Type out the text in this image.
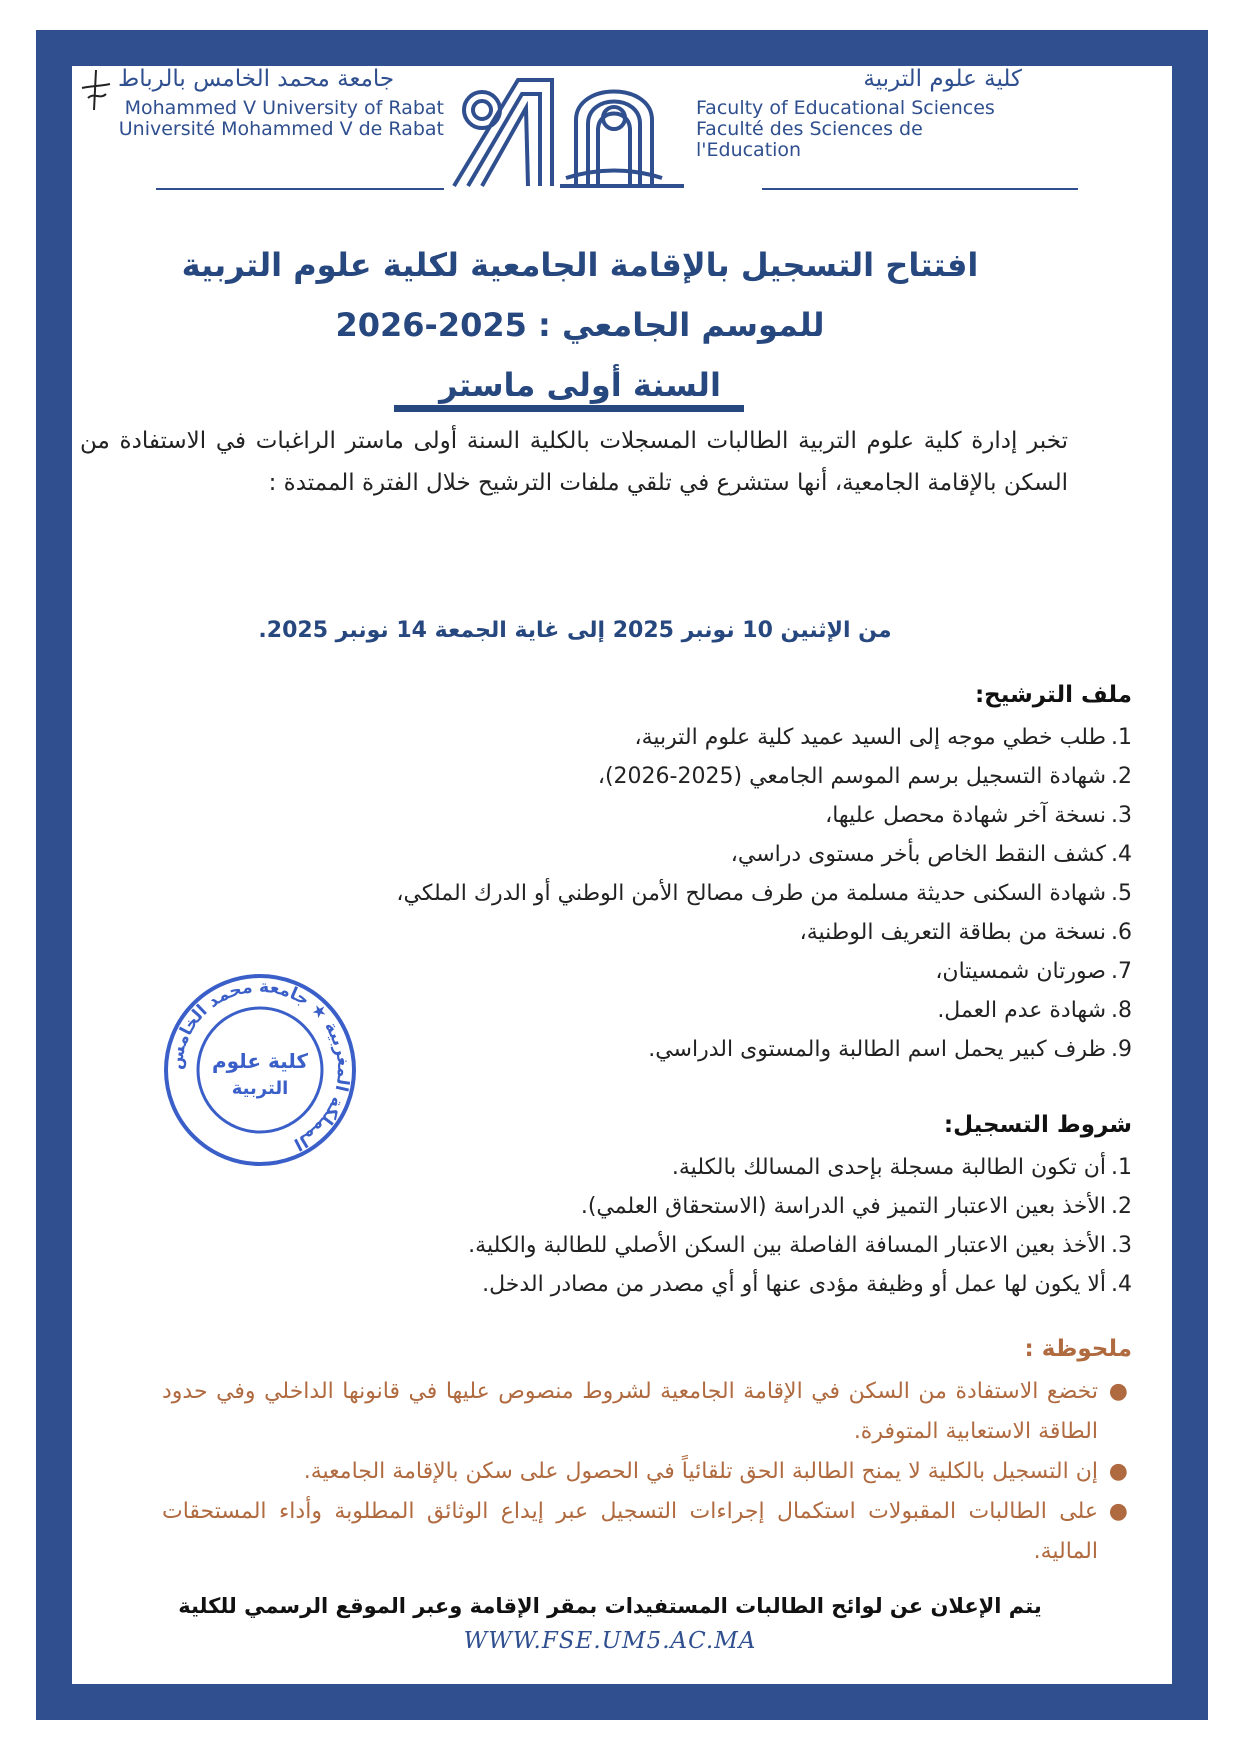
جامعة محمد الخامس بالرباط
Mohammed V University of Rabat
Université Mohammed V de Rabat
كلية علوم التربية
Faculty of Educational Sciences
Faculté des Sciences de l'Education
افتتاح التسجيل بالإقامة الجامعية لكلية علوم التربية
للموسم الجامعي : 2025-2026
السنة أولى ماستر
تخبر إدارة كلية علوم التربية الطالبات المسجلات بالكلية السنة أولى ماستر الراغبات في الاستفادة من السكن بالإقامة الجامعية، أنها ستشرع في تلقي ملفات الترشيح خلال الفترة الممتدة :
من الإثنين 10 نونبر 2025 إلى غاية الجمعة 14 نونبر 2025.
ملف الترشيح:
1.طلب خطي موجه إلى السيد عميد كلية علوم التربية،
2.شهادة التسجيل برسم الموسم الجامعي (2025-2026)،
3.نسخة آخر شهادة محصل عليها،
4.كشف النقط الخاص بأخر مستوى دراسي،
5.شهادة السكنى حديثة مسلمة من طرف مصالح الأمن الوطني أو الدرك الملكي،
6.نسخة من بطاقة التعريف الوطنية،
7.صورتان شمسيتان،
8.شهادة عدم العمل.
9.ظرف كبير يحمل اسم الطالبة والمستوى الدراسي.
المملكة المغربية ★ جامعة محمد الخامس
كلية علوم
التربية
شروط التسجيل:
1.أن تكون الطالبة مسجلة بإحدى المسالك بالكلية.
2.الأخذ بعين الاعتبار التميز في الدراسة (الاستحقاق العلمي).
3.الأخذ بعين الاعتبار المسافة الفاصلة بين السكن الأصلي للطالبة والكلية.
4.ألا يكون لها عمل أو وظيفة مؤدى عنها أو أي مصدر من مصادر الدخل.
ملحوظة :
●
تخضع الاستفادة من السكن في الإقامة الجامعية لشروط منصوص عليها في قانونها الداخلي وفي حدود الطاقة الاستعابية المتوفرة.
●
إن التسجيل بالكلية لا يمنح الطالبة الحق تلقائياً في الحصول على سكن بالإقامة الجامعية.
●
على الطالبات المقبولات استكمال إجراءات التسجيل عبر إيداع الوثائق المطلوبة وأداء المستحقات المالية.
يتم الإعلان عن لوائح الطالبات المستفيدات بمقر الإقامة وعبر الموقع الرسمي للكلية
WWW.FSE.UM5.AC.MA
